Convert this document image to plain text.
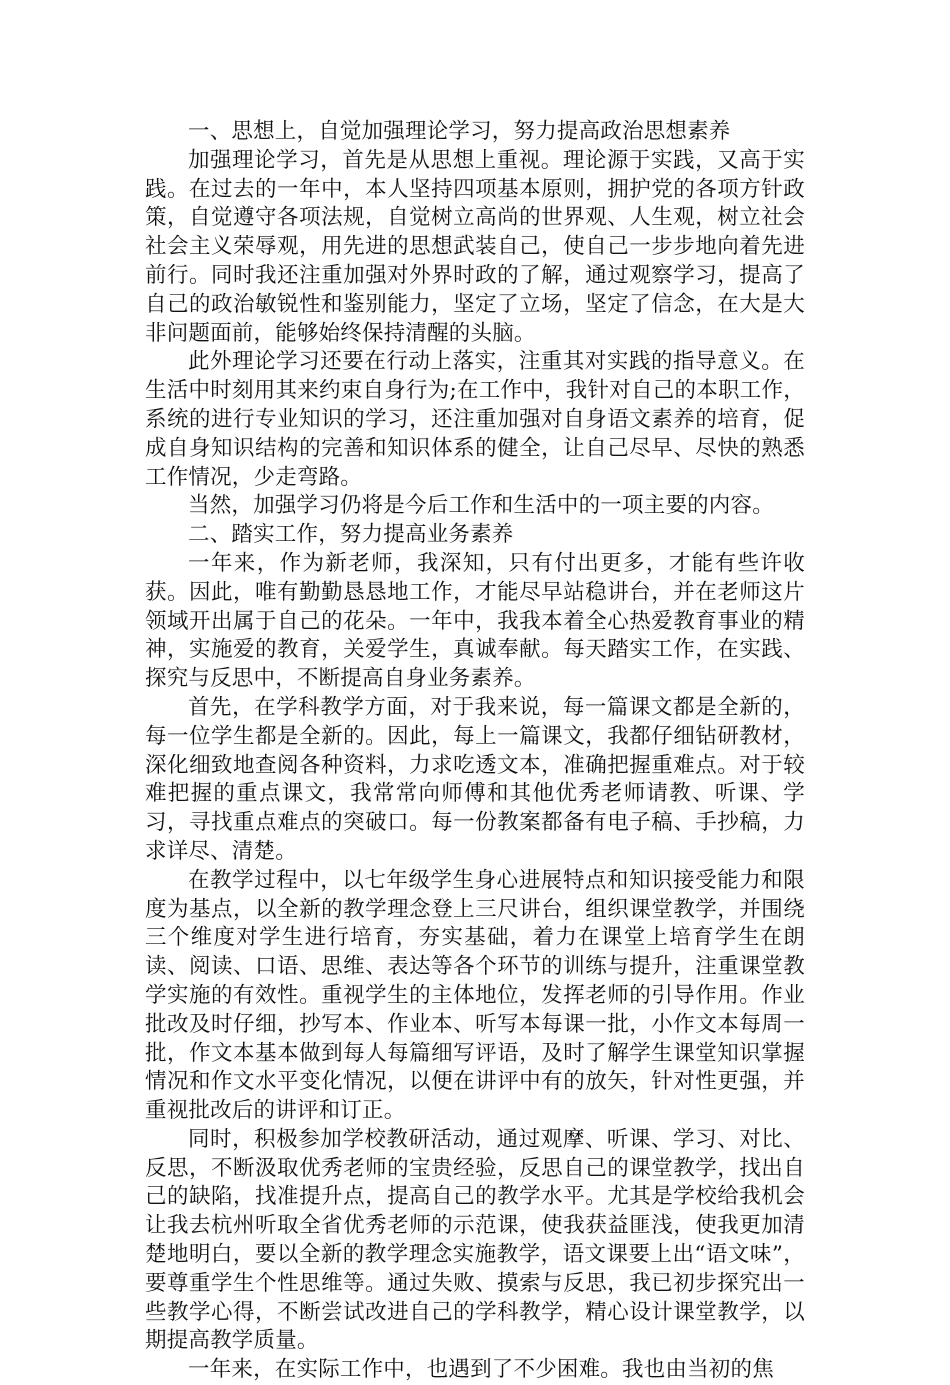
一、思想上，自觉加强理论学习，努力提高政治思想素养

加强理论学习，首先是从思想上重视。理论源于实践，又高于实践。在过去的一年中，本人坚持四项基本原则，拥护党的各项方针政策，自觉遵守各项法规，自觉树立高尚的世界观、人生观，树立社会社会主义荣辱观，用先进的思想武装自己，使自己一步步地向着先进前行。同时我还注重加强对外界时政的了解，通过观察学习，提高了自己的政治敏锐性和鉴别能力，坚定了立场，坚定了信念，在大是大非问题面前，能够始终保持清醒的头脑。

此外理论学习还要在行动上落实，注重其对实践的指导意义。在生活中时刻用其来约束自身行为;在工作中，我针对自己的本职工作，系统的进行专业知识的学习，还注重加强对自身语文素养的培育，促成自身知识结构的完善和知识体系的健全，让自己尽早、尽快的熟悉工作情况，少走弯路。

当然，加强学习仍将是今后工作和生活中的一项主要的内容。

二、踏实工作，努力提高业务素养

一年来，作为新老师，我深知，只有付出更多，才能有些许收获。因此，唯有勤勤恳恳地工作，才能尽早站稳讲台，并在老师这片领域开出属于自己的花朵。一年中，我我本着全心热爱教育事业的精神，实施爱的教育，关爱学生，真诚奉献。每天踏实工作，在实践、探究与反思中，不断提高自身业务素养。

首先，在学科教学方面，对于我来说，每一篇课文都是全新的，每一位学生都是全新的。因此，每上一篇课文，我都仔细钻研教材，深化细致地查阅各种资料，力求吃透文本，准确把握重难点。对于较难把握的重点课文，我常常向师傅和其他优秀老师请教、听课、学习，寻找重点难点的突破口。每一份教案都备有电子稿、手抄稿，力求详尽、清楚。

在教学过程中，以七年级学生身心进展特点和知识接受能力和限度为基点，以全新的教学理念登上三尺讲台，组织课堂教学，并围绕三个维度对学生进行培育，夯实基础，着力在课堂上培育学生在朗读、阅读、口语、思维、表达等各个环节的训练与提升，注重课堂教学实施的有效性。重视学生的主体地位，发挥老师的引导作用。作业批改及时仔细，抄写本、作业本、听写本每课一批，小作文本每周一批，作文本基本做到每人每篇细写评语，及时了解学生课堂知识掌握情况和作文水平变化情况，以便在讲评中有的放矢，针对性更强，并重视批改后的讲评和订正。

同时，积极参加学校教研活动，通过观摩、听课、学习、对比、反思，不断汲取优秀老师的宝贵经验，反思自己的课堂教学，找出自己的缺陷，找准提升点，提高自己的教学水平。尤其是学校给我机会让我去杭州听取全省优秀老师的示范课，使我获益匪浅，使我更加清楚地明白，要以全新的教学理念实施教学，语文课要上出“语文味”，要尊重学生个性思维等。通过失败、摸索与反思，我已初步探究出一些教学心得，不断尝试改进自己的学科教学，精心设计课堂教学，以期提高教学质量。

一年来，在实际工作中，也遇到了不少困难。我也由当初的焦
